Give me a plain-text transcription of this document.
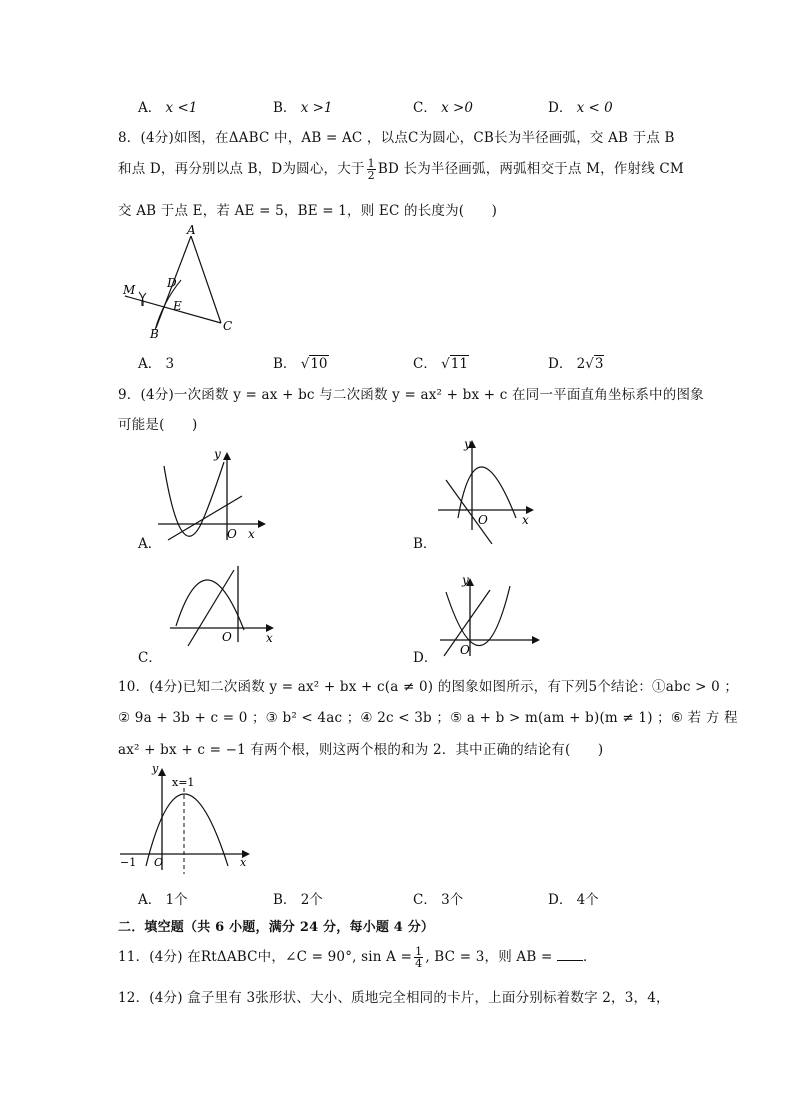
A． x <1	B． x >1	C． x >0	D． x < 0
8．(4分)如图，在ΔABC 中，AB = AC ，以点C为圆心，CB长为半径画弧，交 AB 于点 B
和点 D，再分别以点 B，D为圆心，大于 $\frac{1}{2}$ BD 长为半径画弧，两弧相交于点 M，作射线 CM
交 AB 于点 E，若 AE = 5，BE = 1，则 EC 的长度为(　　)
A
B
C
D
E
M
A． 3	B． √10	C． √11	D． 2√3
9．(4分)一次函数 y = ax + bc 与二次函数 y = ax² + bx + c 在同一平面直角坐标系中的图象
可能是(　　)
y
x
O
A．
y
x
O
B．
O	x
C．
y
O
D．
10．(4分)已知二次函数 y = ax² + bx + c(a ≠ 0) 的图象如图所示，有下列5个结论：①abc > 0 ；
② 9a + 3b + c = 0 ；③ b² < 4ac ；④ 2c < 3b ；⑤ a + b > m(am + b)(m ≠ 1) ；⑥ 若 方 程
ax² + bx + c = −1 有两个根，则这两个根的和为 2．其中正确的结论有(　　)
y
x=1
−1 O	x
A． 1个	B． 2个	C． 3个	D． 4个
二．填空题（共 6 小题，满分 24 分，每小题 4 分）
11．(4分) 在RtΔABC中，∠C = 90°, $\sin A = \frac{1}{4}$ , BC = 3，则 AB = ．
12．(4分) 盒子里有 3张形状、大小、质地完全相同的卡片，上面分别标着数字 2，3，4，
